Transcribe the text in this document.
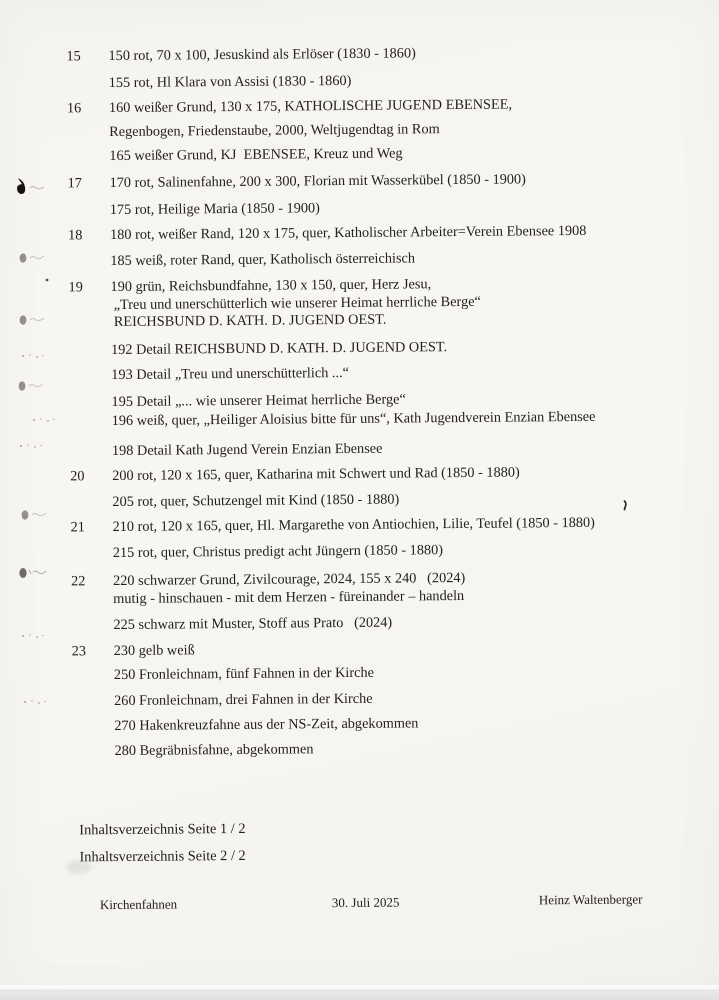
15 150 rot, 70 x 100, Jesuskind als Erlöser (1830 - 1860)
155 rot, Hl Klara von Assisi (1830 - 1860)
16 160 weißer Grund, 130 x 175, KATHOLISCHE JUGEND EBENSEE,
Regenbogen, Friedenstaube, 2000, Weltjugendtag in Rom
165 weißer Grund, KJ  EBENSEE, Kreuz und Weg
17 170 rot, Salinenfahne, 200 x 300, Florian mit Wasserkübel (1850 - 1900)
175 rot, Heilige Maria (1850 - 1900)
18 180 rot, weißer Rand, 120 x 175, quer, Katholischer Arbeiter=Verein Ebensee 1908
185 weiß, roter Rand, quer, Katholisch österreichisch
19 190 grün, Reichsbundfahne, 130 x 150, quer, Herz Jesu,
„Treu und unerschütterlich wie unserer Heimat herrliche Berge“
REICHSBUND D. KATH. D. JUGEND OEST.
192 Detail REICHSBUND D. KATH. D. JUGEND OEST.
193 Detail „Treu und unerschütterlich ...“
195 Detail „... wie unserer Heimat herrliche Berge“
196 weiß, quer, „Heiliger Aloisius bitte für uns“, Kath Jugendverein Enzian Ebensee
198 Detail Kath Jugend Verein Enzian Ebensee
20 200 rot, 120 x 165, quer, Katharina mit Schwert und Rad (1850 - 1880)
205 rot, quer, Schutzengel mit Kind (1850 - 1880)
21 210 rot, 120 x 165, quer, Hl. Margarethe von Antiochien, Lilie, Teufel (1850 - 1880)
215 rot, quer, Christus predigt acht Jüngern (1850 - 1880)
22 220 schwarzer Grund, Zivilcourage, 2024, 155 x 240   (2024)
mutig - hinschauen - mit dem Herzen - füreinander – handeln
225 schwarz mit Muster, Stoff aus Prato   (2024)
23 230 gelb weiß
250 Fronleichnam, fünf Fahnen in der Kirche
260 Fronleichnam, drei Fahnen in der Kirche
270 Hakenkreuzfahne aus der NS-Zeit, abgekommen
280 Begräbnisfahne, abgekommen
Inhaltsverzeichnis Seite 1 / 2
Inhaltsverzeichnis Seite 2 / 2
Kirchenfahnen	30. Juli 2025	Heinz Waltenberger
